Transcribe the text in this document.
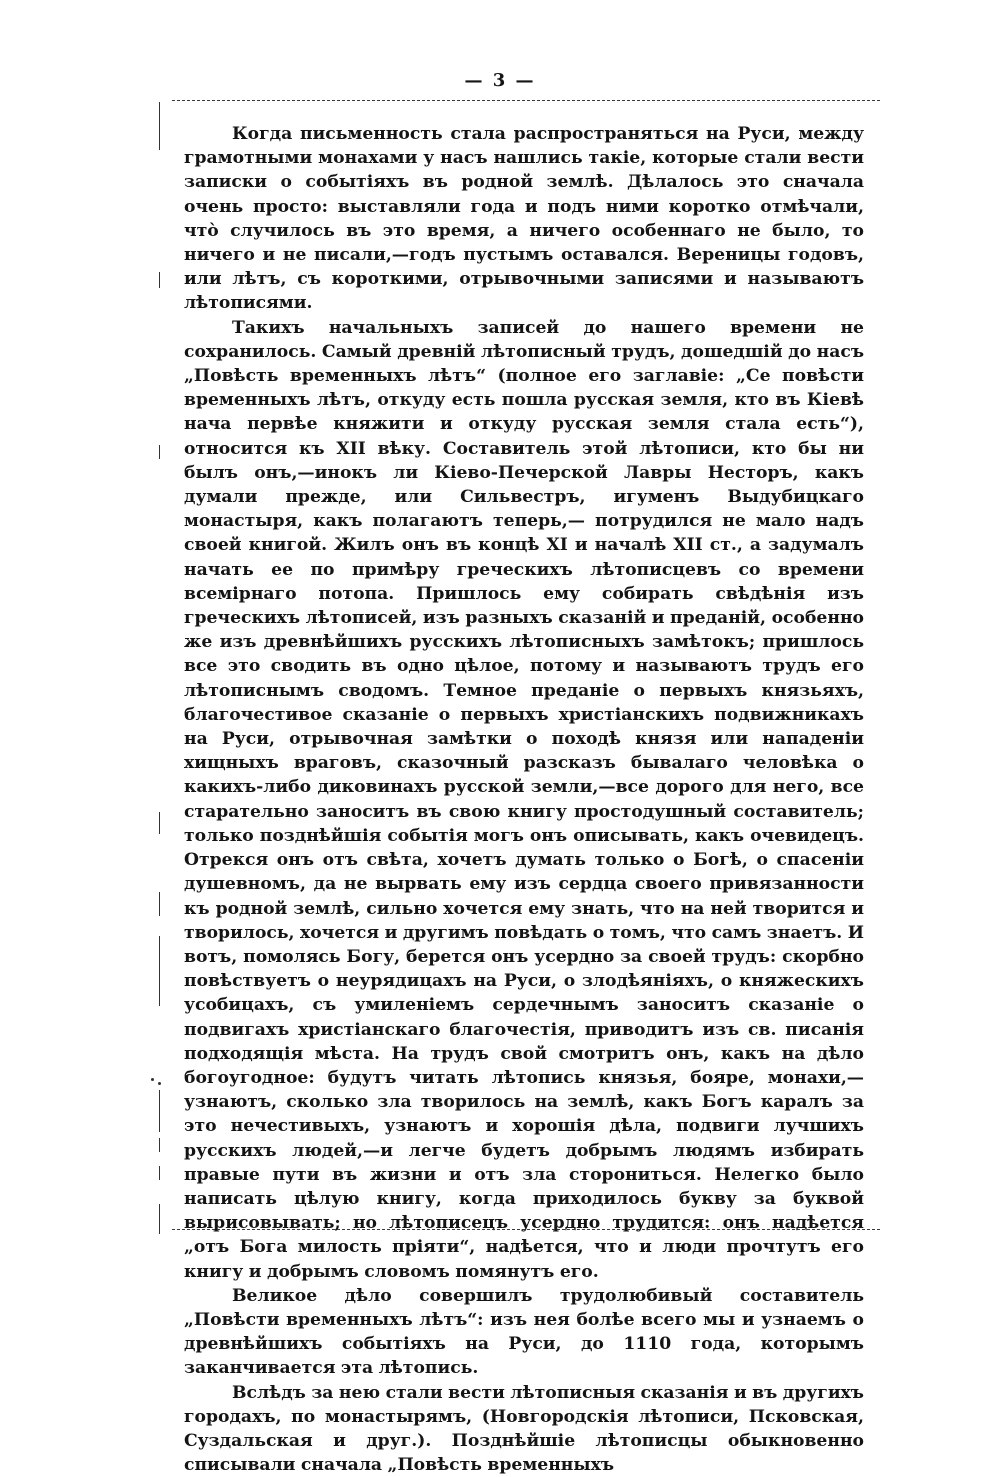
— 3 —

Когда письменность стала распространяться на Руси, между грамотными монахами у насъ нашлись такіе, которые стали вести записки о событіяхъ въ родной землѣ. Дѣлалось это сначала очень просто: выставляли года и подъ ними коротко отмѣчали, что̀ случилось въ это время, а ничего особеннаго не было, то ничего и не писали,—годъ пустымъ оставался. Вереницы годовъ, или лѣтъ, съ короткими, отрывочными записями и называютъ лѣтописями.

Такихъ начальныхъ записей до нашего времени не сохранилось. Самый древній лѣтописный трудъ, дошедшій до насъ „Повѣсть временныхъ лѣтъ“ (полное его заглавіе: „Се повѣсти временныхъ лѣтъ, откуду есть пошла русская земля, кто въ Кіевѣ нача первѣе княжити и откуду русская земля стала есть“), относится къ XII вѣку. Составитель этой лѣтописи, кто бы ни былъ онъ,—инокъ ли Кіево-Печерской Лавры Несторъ, какъ думали прежде, или Сильвестръ, игуменъ Выдубицкаго монастыря, какъ полагаютъ теперь,— потрудился не мало надъ своей книгой. Жилъ онъ въ концѣ XI и началѣ XII ст., а задумалъ начать ее по примѣру греческихъ лѣтописцевъ со времени всемірнаго потопа. Пришлось ему собирать свѣдѣнія изъ греческихъ лѣтописей, изъ разныхъ сказаній и преданій, особенно же изъ древнѣйшихъ русскихъ лѣтописныхъ замѣтокъ; пришлось все это сводить въ одно цѣлое, потому и называютъ трудъ его лѣтописнымъ сводомъ. Темное преданіе о первыхъ князьяхъ, благочестивое сказаніе о первыхъ христіанскихъ подвижникахъ на Руси, отрывочная замѣтки о походѣ князя или нападеніи хищныхъ враговъ, сказочный разсказъ бывалаго человѣка о какихъ-либо диковинахъ русской земли,—все дорого для него, все старательно заноситъ въ свою книгу простодушный составитель; только позднѣйшія событія могъ онъ описывать, какъ очевидецъ. Отрекся онъ отъ свѣта, хочетъ думать только о Богѣ, о спасеніи душевномъ, да не вырвать ему изъ сердца своего привязанности къ родной землѣ, сильно хочется ему знать, что на ней творится и творилось, хочется и другимъ повѣдать о томъ, что самъ знаетъ. И вотъ, помолясь Богу, берется онъ усердно за своей трудъ: скорбно повѣствуетъ о неурядицахъ на Руси, о злодѣяніяхъ, о княжескихъ усобицахъ, съ умиленіемъ сердечнымъ заноситъ сказаніе о подвигахъ христіанскаго благочестія, приводитъ изъ св. писанія подходящія мѣста. На трудъ свой смотритъ онъ, какъ на дѣло богоугодное: будутъ читать лѣтопись князья, бояре, монахи,— узнаютъ, сколько зла творилось на землѣ, какъ Богъ каралъ за это нечестивыхъ, узнаютъ и хорошія дѣла, подвиги лучшихъ русскихъ людей,—и легче будетъ добрымъ людямъ избирать правые пути въ жизни и отъ зла сторониться. Нелегко было написать цѣлую книгу, когда приходилось букву за буквой вырисовывать; но лѣтописецъ усердно трудится: онъ надѣется „отъ Бога милость пріяти“, надѣется, что и люди прочтутъ его книгу и добрымъ словомъ помянутъ его.

Великое дѣло совершилъ трудолюбивый составитель „Повѣсти временныхъ лѣтъ“: изъ нея болѣе всего мы и узнаемъ о древнѣйшихъ событіяхъ на Руси, до 1110 года, которымъ заканчивается эта лѣтопись.

Вслѣдъ за нею стали вести лѣтописныя сказанія и въ другихъ городахъ, по монастырямъ, (Новгородскія лѣтописи, Псковская, Суздальская и друг.). Позднѣйшіе лѣтописцы обыкновенно списывали сначала „Повѣсть временныхъ
